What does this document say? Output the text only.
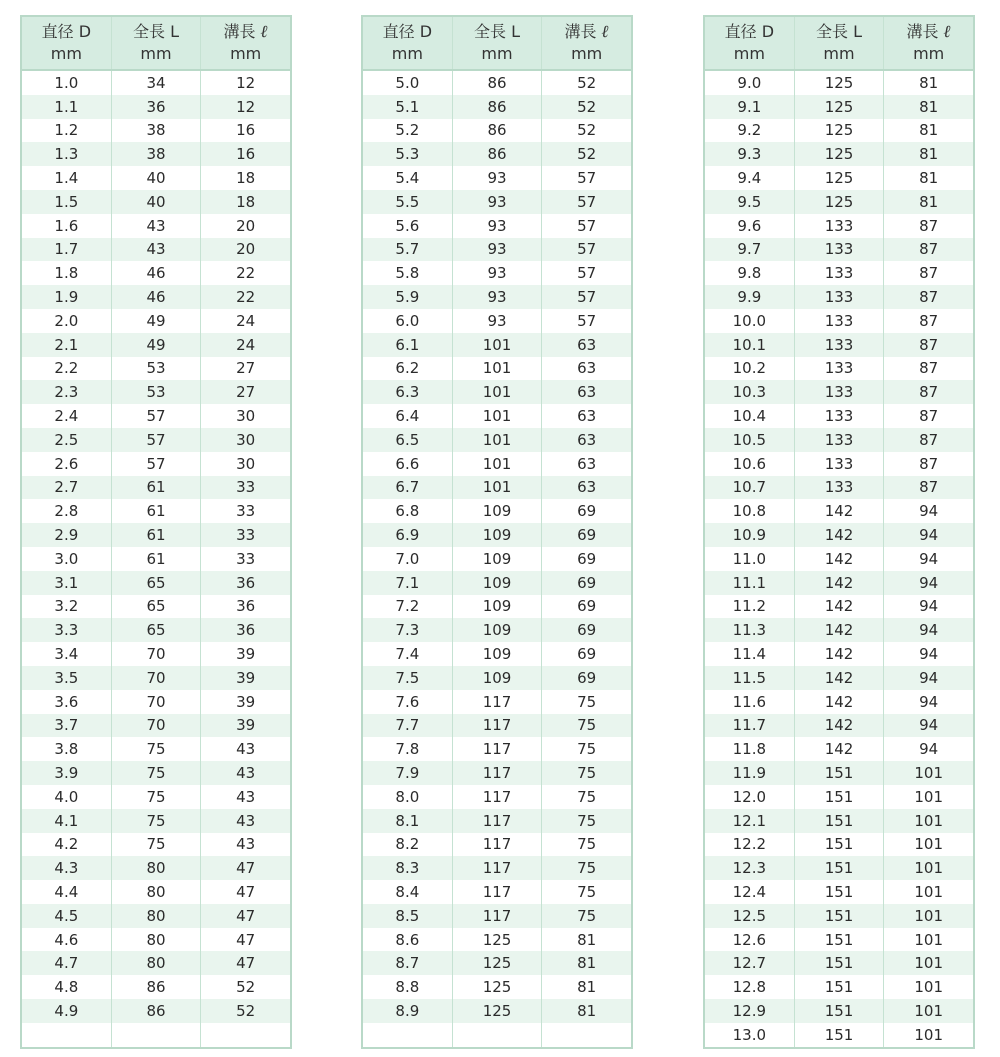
直径 D
mm
全長 L
mm
溝長 ℓ
mm
1.0	34	12
1.1	36	12
1.2	38	16
1.3	38	16
1.4	40	18
1.5	40	18
1.6	43	20
1.7	43	20
1.8	46	22
1.9	46	22
2.0	49	24
2.1	49	24
2.2	53	27
2.3	53	27
2.4	57	30
2.5	57	30
2.6	57	30
2.7	61	33
2.8	61	33
2.9	61	33
3.0	61	33
3.1	65	36
3.2	65	36
3.3	65	36
3.4	70	39
3.5	70	39
3.6	70	39
3.7	70	39
3.8	75	43
3.9	75	43
4.0	75	43
4.1	75	43
4.2	75	43
4.3	80	47
4.4	80	47
4.5	80	47
4.6	80	47
4.7	80	47
4.8	86	52
4.9	86	52
直径 D
mm
全長 L
mm
溝長 ℓ
mm
5.0	86	52
5.1	86	52
5.2	86	52
5.3	86	52
5.4	93	57
5.5	93	57
5.6	93	57
5.7	93	57
5.8	93	57
5.9	93	57
6.0	93	57
6.1	101	63
6.2	101	63
6.3	101	63
6.4	101	63
6.5	101	63
6.6	101	63
6.7	101	63
6.8	109	69
6.9	109	69
7.0	109	69
7.1	109	69
7.2	109	69
7.3	109	69
7.4	109	69
7.5	109	69
7.6	117	75
7.7	117	75
7.8	117	75
7.9	117	75
8.0	117	75
8.1	117	75
8.2	117	75
8.3	117	75
8.4	117	75
8.5	117	75
8.6	125	81
8.7	125	81
8.8	125	81
8.9	125	81
直径 D
mm
全長 L
mm
溝長 ℓ
mm
9.0	125	81
9.1	125	81
9.2	125	81
9.3	125	81
9.4	125	81
9.5	125	81
9.6	133	87
9.7	133	87
9.8	133	87
9.9	133	87
10.0	133	87
10.1	133	87
10.2	133	87
10.3	133	87
10.4	133	87
10.5	133	87
10.6	133	87
10.7	133	87
10.8	142	94
10.9	142	94
11.0	142	94
11.1	142	94
11.2	142	94
11.3	142	94
11.4	142	94
11.5	142	94
11.6	142	94
11.7	142	94
11.8	142	94
11.9	151	101
12.0	151	101
12.1	151	101
12.2	151	101
12.3	151	101
12.4	151	101
12.5	151	101
12.6	151	101
12.7	151	101
12.8	151	101
12.9	151	101
13.0	151	101
